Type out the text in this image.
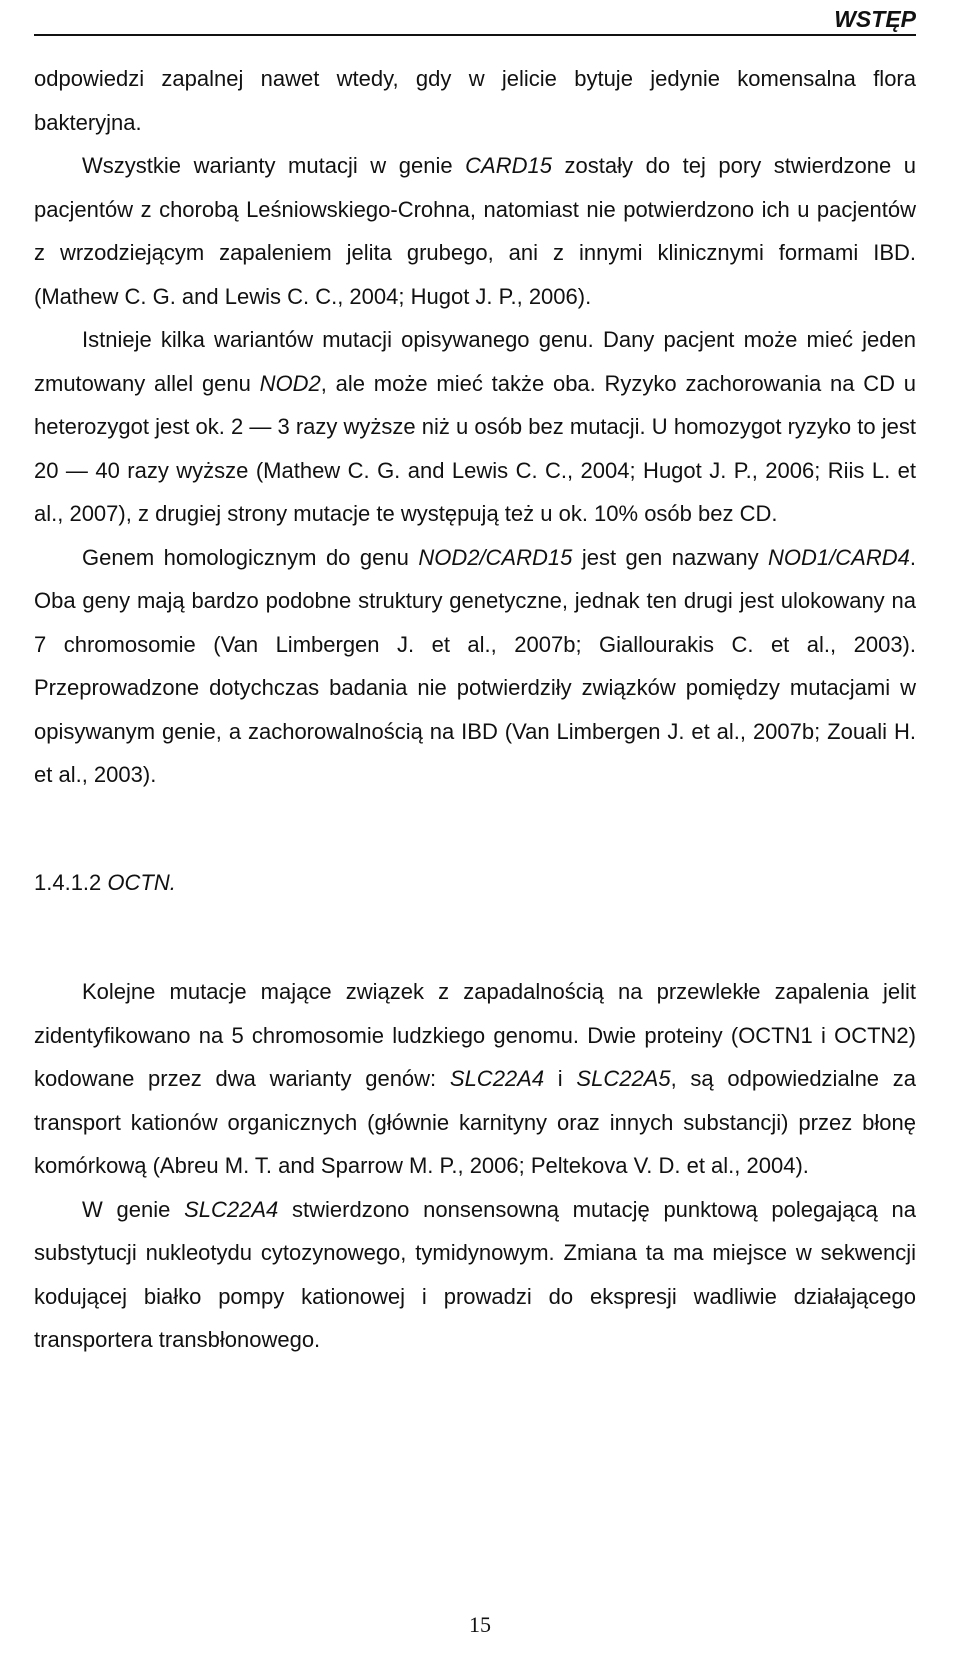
WSTĘP

odpowiedzi zapalnej nawet wtedy, gdy w jelicie bytuje jedynie komensalna flora bakteryjna.

Wszystkie warianty mutacji w genie CARD15 zostały do tej pory stwierdzone u pacjentów z chorobą Leśniowskiego-Crohna, natomiast nie potwierdzono ich u pacjentów z wrzodziejącym zapaleniem jelita grubego, ani z innymi klinicznymi formami IBD. (Mathew C. G. and Lewis C. C., 2004; Hugot J. P., 2006).

Istnieje kilka wariantów mutacji opisywanego genu. Dany pacjent może mieć jeden zmutowany allel genu NOD2, ale może mieć także oba. Ryzyko zachorowania na CD u heterozygot jest ok. 2 — 3 razy wyższe niż u osób bez mutacji. U homozygot ryzyko to jest 20 — 40 razy wyższe (Mathew C. G. and Lewis C. C., 2004; Hugot J. P., 2006; Riis L. et al., 2007), z drugiej strony mutacje te występują też u ok. 10% osób bez CD.

Genem homologicznym do genu NOD2/CARD15 jest gen nazwany NOD1/CARD4. Oba geny mają bardzo podobne struktury genetyczne, jednak ten drugi jest ulokowany na 7 chromosomie (Van Limbergen J. et al., 2007b; Giallourakis C. et al., 2003). Przeprowadzone dotychczas badania nie potwierdziły związków pomiędzy mutacjami w opisywanym genie, a zachorowalnością na IBD (Van Limbergen J. et al., 2007b; Zouali H. et al., 2003).

1.4.1.2 OCTN.

Kolejne mutacje mające związek z zapadalnością na przewlekłe zapalenia jelit zidentyfikowano na 5 chromosomie ludzkiego genomu. Dwie proteiny (OCTN1 i OCTN2) kodowane przez dwa warianty genów: SLC22A4 i SLC22A5, są odpowiedzialne za transport kationów organicznych (głównie karnityny oraz innych substancji) przez błonę komórkową (Abreu M. T. and Sparrow M. P., 2006; Peltekova V. D. et al., 2004).

W genie SLC22A4 stwierdzono nonsensowną mutację punktową polegającą na substytucji nukleotydu cytozynowego, tymidynowym. Zmiana ta ma miejsce w sekwencji kodującej białko pompy kationowej i prowadzi do ekspresji wadliwie działającego transportera transbłonowego.

15
